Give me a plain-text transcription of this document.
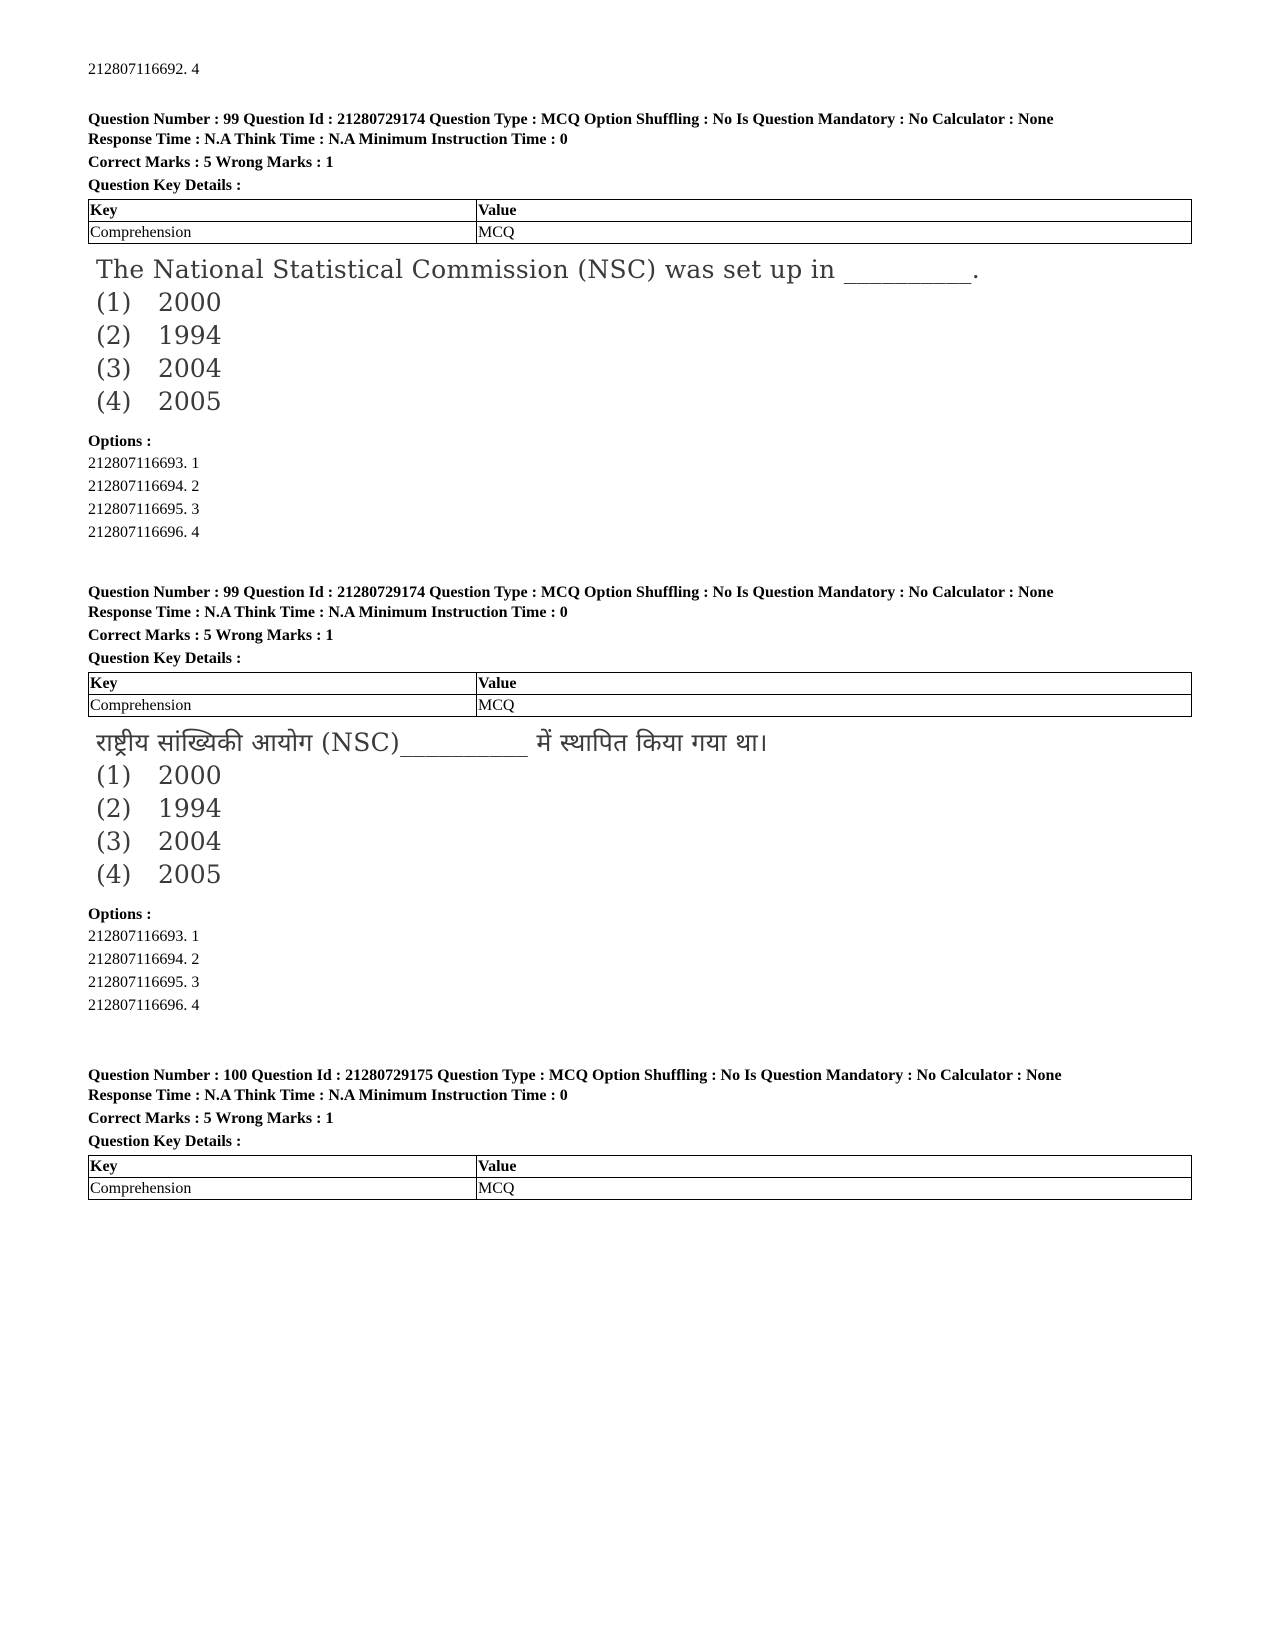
212807116692. 4
Question Number : 99 Question Id : 21280729174 Question Type : MCQ Option Shuffling : No Is Question Mandatory : No Calculator : None
Response Time : N.A Think Time : N.A Minimum Instruction Time : 0
Correct Marks : 5 Wrong Marks : 1
Question Key Details :
Key	Value
Comprehension	MCQ
The National Statistical Commission (NSC) was set up in __________.
(1) 2000
(2) 1994
(3) 2004
(4) 2005
Options :
212807116693. 1
212807116694. 2
212807116695. 3
212807116696. 4
Question Number : 99 Question Id : 21280729174 Question Type : MCQ Option Shuffling : No Is Question Mandatory : No Calculator : None
Response Time : N.A Think Time : N.A Minimum Instruction Time : 0
Correct Marks : 5 Wrong Marks : 1
Question Key Details :
Key	Value
Comprehension	MCQ
राष्ट्रीय सांख्यिकी आयोग (NSC)__________ में स्थापित किया गया था।
(1) 2000
(2) 1994
(3) 2004
(4) 2005
Options :
212807116693. 1
212807116694. 2
212807116695. 3
212807116696. 4
Question Number : 100 Question Id : 21280729175 Question Type : MCQ Option Shuffling : No Is Question Mandatory : No Calculator : None
Response Time : N.A Think Time : N.A Minimum Instruction Time : 0
Correct Marks : 5 Wrong Marks : 1
Question Key Details :
Key	Value
Comprehension	MCQ
